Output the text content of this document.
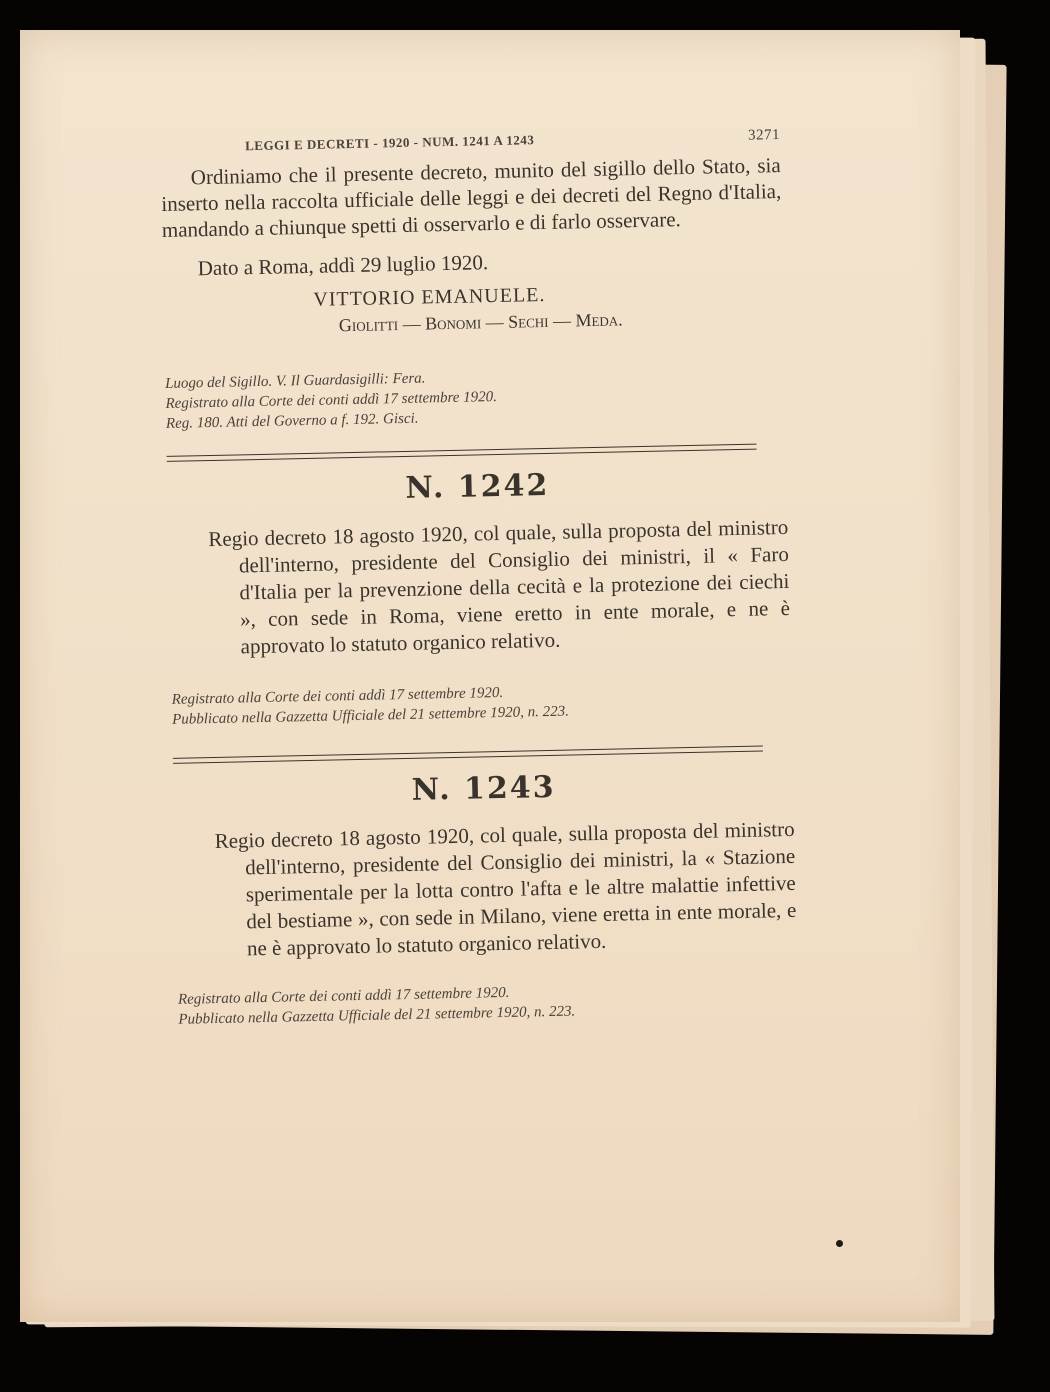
LEGGI E DECRETI - 1920 - NUM. 1241 A 1243	3271

Ordiniamo che il presente decreto, munito del sigillo dello Stato, sia inserto nella raccolta ufficiale delle leggi e dei decreti del Regno d'Italia, mandando a chiunque spetti di osservarlo e di farlo osservare.

Dato a Roma, addì 29 luglio 1920.
VITTORIO EMANUELE.
Giolitti — Bonomi — Sechi — Meda.

Luogo del Sigillo. V. Il Guardasigilli: Fera.

Registrato alla Corte dei conti addì 17 settembre 1920.

Reg. 180. Atti del Governo a f. 192. Gisci.

N. 1242

Regio decreto 18 agosto 1920, col quale, sulla proposta del ministro dell'interno, presidente del Consiglio dei ministri, il « Faro d'Italia per la prevenzione della cecità e la protezione dei ciechi », con sede in Roma, viene eretto in ente morale, e ne è approvato lo statuto organico relativo.

Registrato alla Corte dei conti addì 17 settembre 1920.

Pubblicato nella Gazzetta Ufficiale del 21 settembre 1920, n. 223.

N. 1243

Regio decreto 18 agosto 1920, col quale, sulla proposta del ministro dell'interno, presidente del Consiglio dei ministri, la « Stazione sperimentale per la lotta contro l'afta e le altre malattie infettive del bestiame », con sede in Milano, viene eretta in ente morale, e ne è approvato lo statuto organico relativo.

Registrato alla Corte dei conti addì 17 settembre 1920.

Pubblicato nella Gazzetta Ufficiale del 21 settembre 1920, n. 223.
